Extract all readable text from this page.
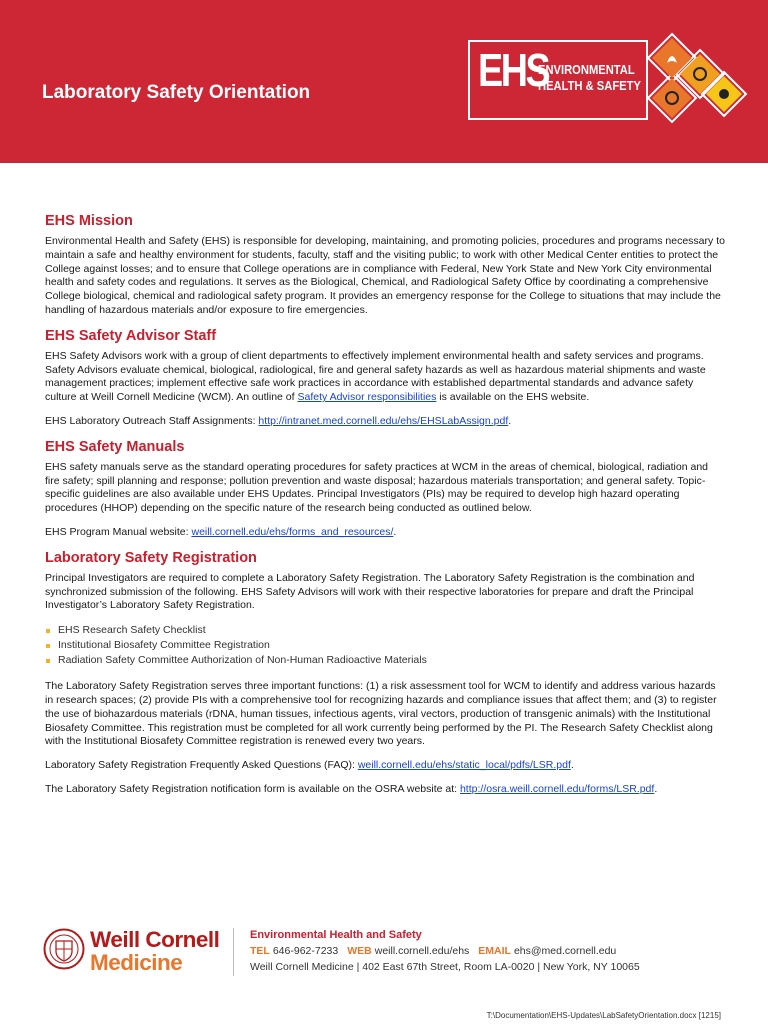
Laboratory Safety Orientation	EHS
ENVIRONMENTAL
HEALTH & SAFETY
EHS Mission

Environmental Health and Safety (EHS) is responsible for developing, maintaining, and promoting policies, procedures and programs necessary to maintain a safe and healthy environment for students, faculty, staff and the visiting public; to work with other Medical Center entities to protect the College against losses; and to ensure that College operations are in compliance with Federal, New York State and New York City environmental health and safety codes and regulations. It serves as the Biological, Chemical, and Radiological Safety Office by coordinating a comprehensive College biological, chemical and radiological safety program. It provides an emergency response for the College to situations that may include the handling of hazardous materials and/or exposure to fire emergencies.

EHS Safety Advisor Staff

EHS Safety Advisors work with a group of client departments to effectively implement environmental health and safety services and programs. Safety Advisors evaluate chemical, biological, radiological, fire and general safety hazards as well as hazardous material shipments and waste management practices; implement effective safe work practices in accordance with established departmental standards and advance safety culture at Weill Cornell Medicine (WCM). An outline of Safety Advisor responsibilities is available on the EHS website.

EHS Laboratory Outreach Staff Assignments: http://intranet.med.cornell.edu/ehs/EHSLabAssign.pdf.

EHS Safety Manuals

EHS safety manuals serve as the standard operating procedures for safety practices at WCM in the areas of chemical, biological, radiation and fire safety; spill planning and response; pollution prevention and waste disposal; hazardous materials transportation; and general safety. Topic-specific guidelines are also available under EHS Updates. Principal Investigators (PIs) may be required to develop high hazard operating procedures (HHOP) depending on the specific nature of the research being conducted as outlined below.

EHS Program Manual website: weill.cornell.edu/ehs/forms_and_resources/.

Laboratory Safety Registration

Principal Investigators are required to complete a Laboratory Safety Registration. The Laboratory Safety Registration is the combination and synchronized submission of the following. EHS Safety Advisors will work with their respective laboratories for prepare and draft the Principal Investigator’s Laboratory Safety Registration.

EHS Research Safety Checklist
Institutional Biosafety Committee Registration
Radiation Safety Committee Authorization of Non-Human Radioactive Materials

The Laboratory Safety Registration serves three important functions: (1) a risk assessment tool for WCM to identify and address various hazards in research spaces; (2) provide PIs with a comprehensive tool for recognizing hazards and compliance issues that affect them; and (3) to register the use of biohazardous materials (rDNA, human tissues, infectious agents, viral vectors, production of transgenic animals) with the Institutional Biosafety Committee. This registration must be completed for all work currently being performed by the PI. The Research Safety Checklist along with the Institutional Biosafety Committee registration is renewed every two years.

Laboratory Safety Registration Frequently Asked Questions (FAQ): weill.cornell.edu/ehs/static_local/pdfs/LSR.pdf.

The Laboratory Safety Registration notification form is available on the OSRA website at: http://osra.weill.cornell.edu/forms/LSR.pdf.

Weill Cornell
Medicine
Environmental Health and Safety
TEL 646-962-7233 WEB weill.cornell.edu/ehs EMAIL ehs@med.cornell.edu
Weill Cornell Medicine | 402 East 67th Street, Room LA-0020 | New York, NY 10065
T:\Documentation\EHS-Updates\LabSafetyOrientation.docx [1215]
